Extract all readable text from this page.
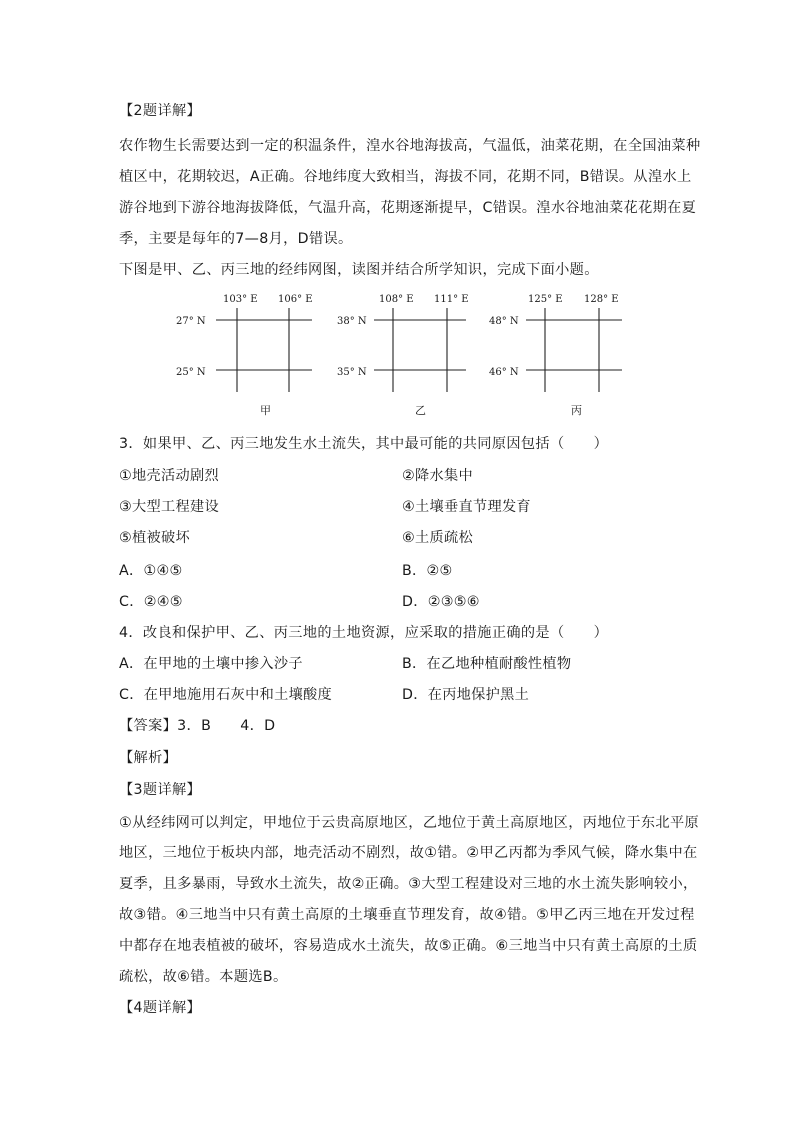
【2题详解】
农作物生长需要达到一定的积温条件，湟水谷地海拔高，气温低，油菜花期，在全国油菜种
植区中，花期较迟，A正确。谷地纬度大致相当，海拔不同，花期不同，B错误。从湟水上
游谷地到下游谷地海拔降低，气温升高，花期逐渐提早，C错误。湟水谷地油菜花花期在夏
季，主要是每年的7—8月，D错误。
下图是甲、乙、丙三地的经纬网图，读图并结合所学知识，完成下面小题。
103° E 106° E
27° N
25° N
甲
108° E 111° E
38° N
35° N
乙
125° E 128° E
48° N
46° N
丙
3．如果甲、乙、丙三地发生水土流失，其中最可能的共同原因包括（　　）
①地壳活动剧烈	②降水集中
③大型工程建设	④土壤垂直节理发育
⑤植被破坏	⑥土质疏松
A．①④⑤	B．②⑤
C．②④⑤	D．②③⑤⑥
4．改良和保护甲、乙、丙三地的土地资源，应采取的措施正确的是（　　）
A．在甲地的土壤中掺入沙子	B．在乙地种植耐酸性植物
C．在甲地施用石灰中和土壤酸度	D．在丙地保护黑土
【答案】3．B　　4．D
【解析】
【3题详解】
①从经纬网可以判定，甲地位于云贵高原地区，乙地位于黄土高原地区，丙地位于东北平原
地区，三地位于板块内部，地壳活动不剧烈，故①错。②甲乙丙都为季风气候，降水集中在
夏季，且多暴雨，导致水土流失，故②正确。③大型工程建设对三地的水土流失影响较小，
故③错。④三地当中只有黄土高原的土壤垂直节理发育，故④错。⑤甲乙丙三地在开发过程
中都存在地表植被的破坏，容易造成水土流失，故⑤正确。⑥三地当中只有黄土高原的土质
疏松，故⑥错。本题选B。
【4题详解】
